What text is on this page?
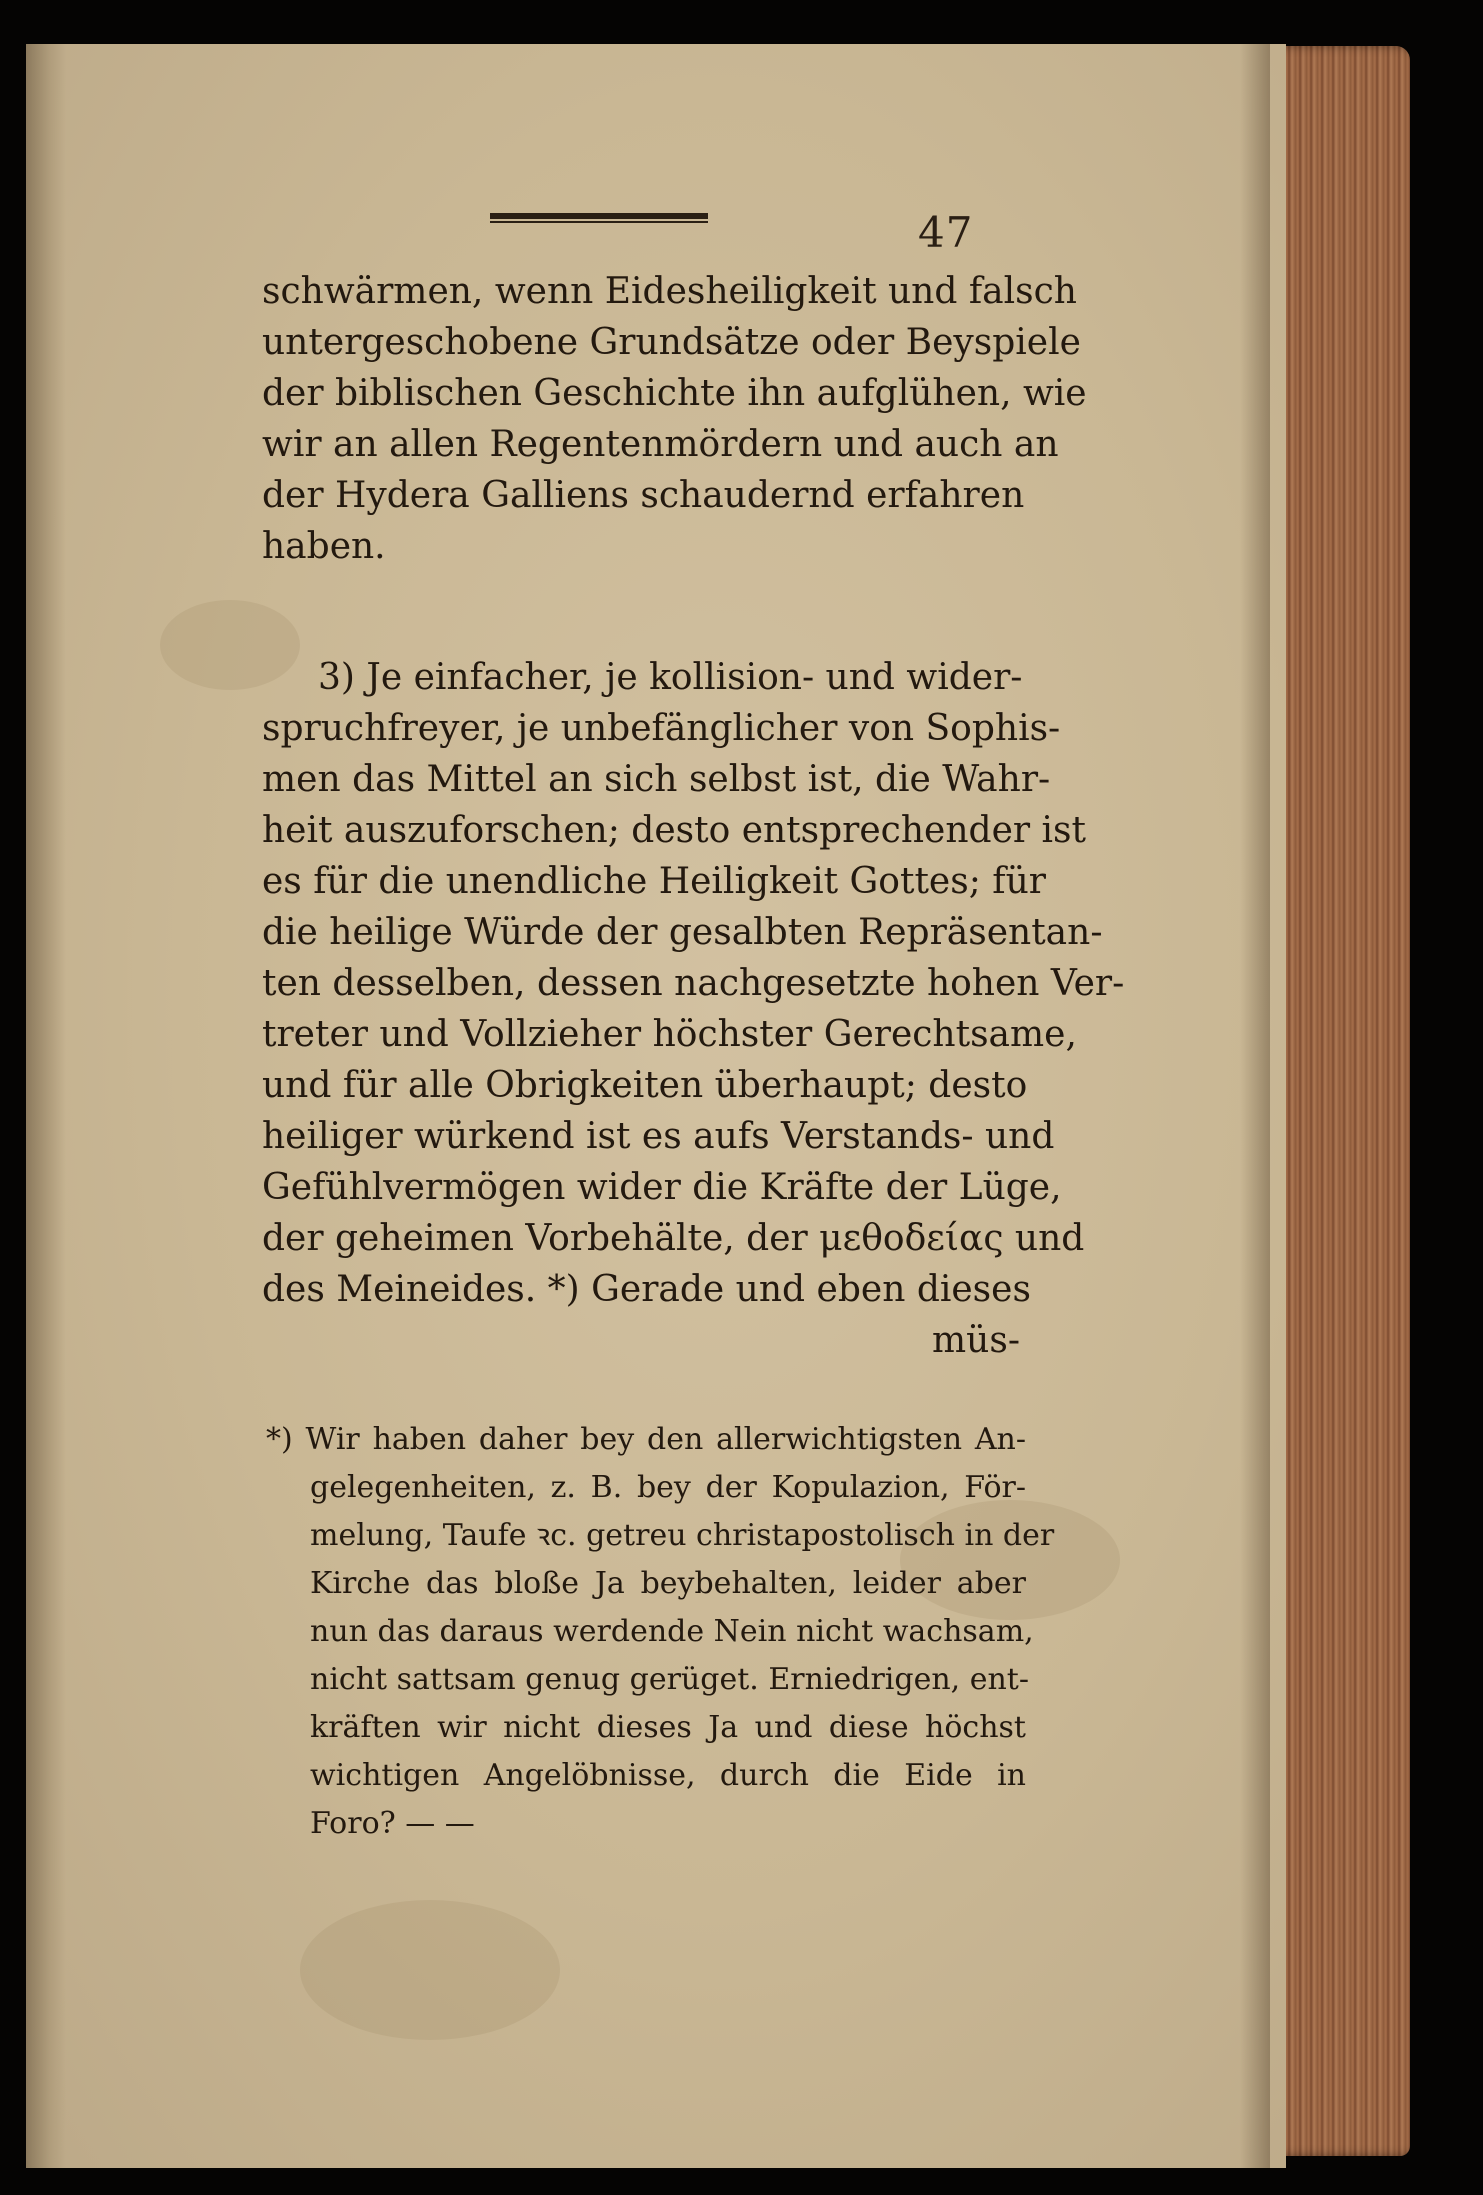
47
schwärmen, wenn Eidesheiligkeit und falsch
untergeschobene Grundsätze oder Beyspiele
der biblischen Geschichte ihn aufglühen, wie
wir an allen Regentenmördern und auch an
der Hydera Galliens schaudernd erfahren
haben.
3) Je einfacher, je kollision- und wider-
spruchfreyer, je unbefänglicher von Sophis-
men das Mittel an sich selbst ist, die Wahr-
heit auszuforschen; desto entsprechender ist
es für die unendliche Heiligkeit Gottes; für
die heilige Würde der gesalbten Repräsentan-
ten desselben, dessen nachgesetzte hohen Ver-
treter und Vollzieher höchster Gerechtsame,
und für alle Obrigkeiten überhaupt; desto
heiliger würkend ist es aufs Verstands- und
Gefühlvermögen wider die Kräfte der Lüge,
der geheimen Vorbehälte, der μεθοδείας und
des Meineides. *) Gerade und eben dieses
müs-
*) Wir haben daher bey den allerwichtigsten An-
gelegenheiten, z. B. bey der Kopulazion, För-
melung, Taufe ꝛc. getreu christapostolisch in der
Kirche das bloße Ja beybehalten, leider aber
nun das daraus werdende Nein nicht wachsam,
nicht sattsam genug gerüget. Erniedrigen, ent-
kräften wir nicht dieses Ja und diese höchst
wichtigen Angelöbnisse, durch die Eide in
Foro? — —
